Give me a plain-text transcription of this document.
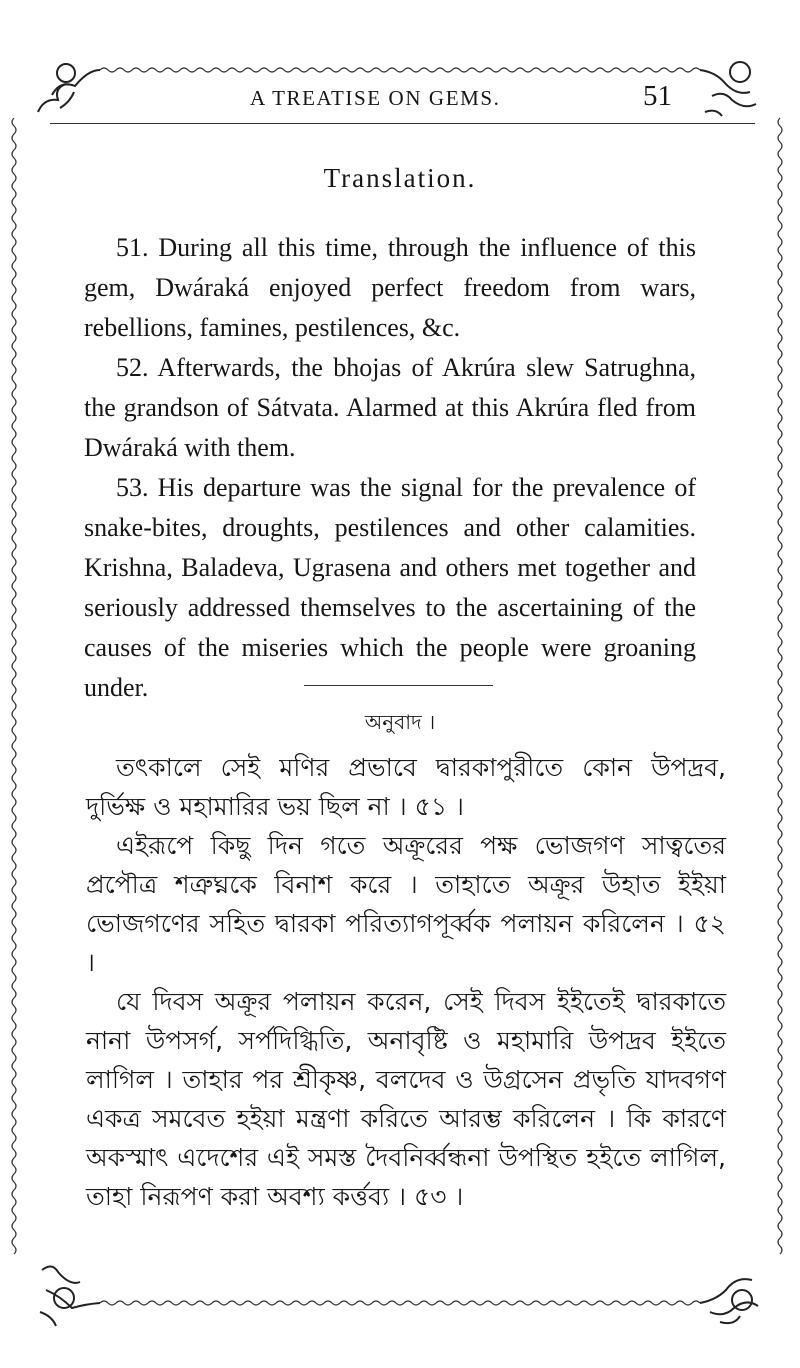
A TREATISE ON GEMS.	51
Translation.

51. During all this time, through the influence of this gem, Dwáraká enjoyed perfect freedom from wars, rebellions, famines, pestilences, &c.

52. Afterwards, the bhojas of Akrúra slew Satrughna, the grandson of Sátvata. Alarmed at this Akrúra fled from Dwáraká with them.

53. His departure was the signal for the prevalence of snake-bites, droughts, pestilences and other calamities. Krishna, Baladeva, Ugrasena and others met together and seriously addressed themselves to the ascertaining of the causes of the miseries which the people were groaning under.

অনুবাদ ।

তৎকালে সেই মণির প্রভাবে দ্বারকাপুরীতে কোন উপদ্রব, দুর্ভিক্ষ ও মহামারির ভয় ছিল না । ৫১ ।

এইরূপে কিছু দিন গতে অক্রূরের পক্ষ ভোজগণ সাত্বতের প্রপৌত্র শত্রুঘ্নকে বিনাশ করে । তাহাতে অক্রূর উহাত ইইয়া ভোজগণের সহিত দ্বারকা পরিত্যাগপূর্ব্বক পলায়ন করিলেন । ৫২ ।

যে দিবস অক্রূর পলায়ন করেন, সেই দিবস ইইতেই দ্বারকাতে নানা উপসর্গ, সর্পদিগ্ধিতি, অনাবৃষ্টি ও মহামারি উপদ্রব ইইতে লাগিল । তাহার পর শ্রীকৃষ্ণ, বলদেব ও উগ্রসেন প্রভৃতি যাদবগণ একত্র সমবেত হইয়া মন্ত্রণা করিতে আরম্ভ করিলেন । কি কারণে অকস্মাৎ এদেশের এই সমস্ত দৈবনির্ব্বন্ধনা উপস্থিত হইতে লাগিল, তাহা নিরূপণ করা অবশ্য কর্ত্তব্য । ৫৩ ।
